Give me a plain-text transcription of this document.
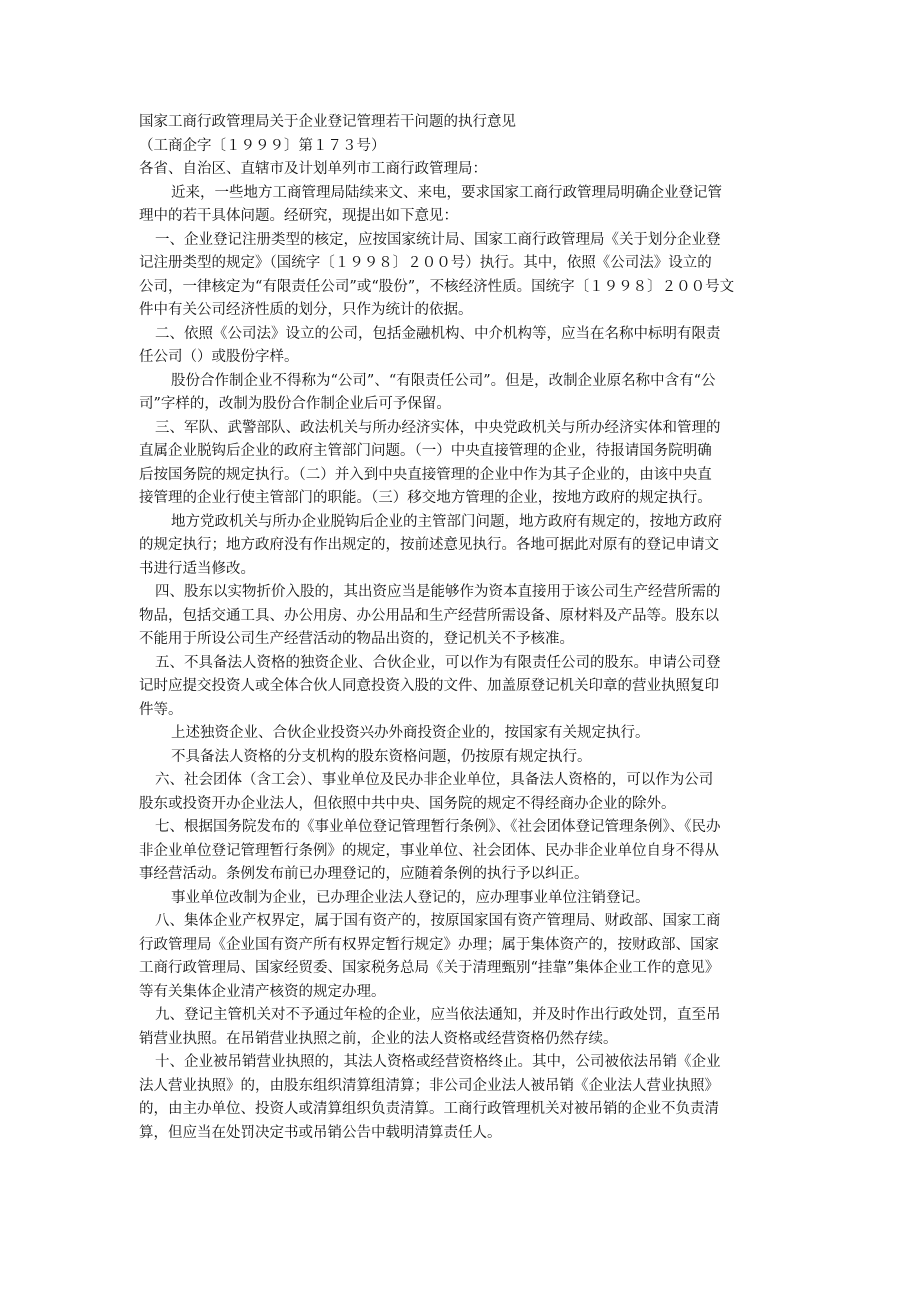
国家工商行政管理局关于企业登记管理若干问题的执行意见
（工商企字〔１９９９〕第１７３号）
各省、自治区、直辖市及计划单列市工商行政管理局：
近来，一些地方工商管理局陆续来文、来电，要求国家工商行政管理局明确企业登记管
理中的若干具体问题。经研究，现提出如下意见：
一、企业登记注册类型的核定，应按国家统计局、国家工商行政管理局《关于划分企业登
记注册类型的规定》（国统字〔１９９８〕２００号）执行。其中，依照《公司法》设立的
公司，一律核定为“有限责任公司”或“股份”，不核经济性质。国统字〔１９９８〕２００号文
件中有关公司经济性质的划分，只作为统计的依据。
二、依照《公司法》设立的公司，包括金融机构、中介机构等，应当在名称中标明有限责
任公司（）或股份字样。
股份合作制企业不得称为“公司”、“有限责任公司”。但是，改制企业原名称中含有“公
司”字样的，改制为股份合作制企业后可予保留。
三、军队、武警部队、政法机关与所办经济实体，中央党政机关与所办经济实体和管理的
直属企业脱钩后企业的政府主管部门问题。（一）中央直接管理的企业，待报请国务院明确
后按国务院的规定执行。（二）并入到中央直接管理的企业中作为其子企业的，由该中央直
接管理的企业行使主管部门的职能。（三）移交地方管理的企业，按地方政府的规定执行。
地方党政机关与所办企业脱钩后企业的主管部门问题，地方政府有规定的，按地方政府
的规定执行；地方政府没有作出规定的，按前述意见执行。各地可据此对原有的登记申请文
书进行适当修改。
四、股东以实物折价入股的，其出资应当是能够作为资本直接用于该公司生产经营所需的
物品，包括交通工具、办公用房、办公用品和生产经营所需设备、原材料及产品等。股东以
不能用于所设公司生产经营活动的物品出资的，登记机关不予核准。
五、不具备法人资格的独资企业、合伙企业，可以作为有限责任公司的股东。申请公司登
记时应提交投资人或全体合伙人同意投资入股的文件、加盖原登记机关印章的营业执照复印
件等。
上述独资企业、合伙企业投资兴办外商投资企业的，按国家有关规定执行。
不具备法人资格的分支机构的股东资格问题，仍按原有规定执行。
六、社会团体（含工会）、事业单位及民办非企业单位，具备法人资格的，可以作为公司
股东或投资开办企业法人，但依照中共中央、国务院的规定不得经商办企业的除外。
七、根据国务院发布的《事业单位登记管理暂行条例》、《社会团体登记管理条例》、《民办
非企业单位登记管理暂行条例》的规定，事业单位、社会团体、民办非企业单位自身不得从
事经营活动。条例发布前已办理登记的，应随着条例的执行予以纠正。
事业单位改制为企业，已办理企业法人登记的，应办理事业单位注销登记。
八、集体企业产权界定，属于国有资产的，按原国家国有资产管理局、财政部、国家工商
行政管理局《企业国有资产所有权界定暂行规定》办理；属于集体资产的，按财政部、国家
工商行政管理局、国家经贸委、国家税务总局《关于清理甄别“挂靠”集体企业工作的意见》
等有关集体企业清产核资的规定办理。
九、登记主管机关对不予通过年检的企业，应当依法通知，并及时作出行政处罚，直至吊
销营业执照。在吊销营业执照之前，企业的法人资格或经营资格仍然存续。
十、企业被吊销营业执照的，其法人资格或经营资格终止。其中，公司被依法吊销《企业
法人营业执照》的，由股东组织清算组清算；非公司企业法人被吊销《企业法人营业执照》
的，由主办单位、投资人或清算组织负责清算。工商行政管理机关对被吊销的企业不负责清
算，但应当在处罚决定书或吊销公告中载明清算责任人。
